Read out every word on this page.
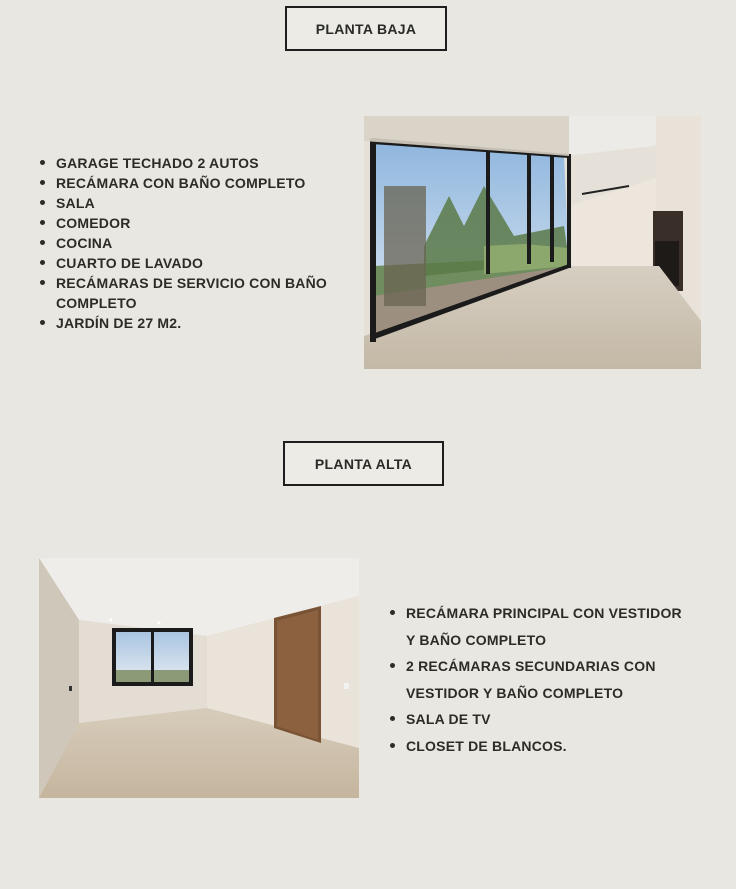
PLANTA BAJA
GARAGE TECHADO 2 AUTOS
RECÁMARA CON BAÑO COMPLETO
SALA
COMEDOR
COCINA
CUARTO DE LAVADO
RECÁMARAS DE SERVICIO CON BAÑO COMPLETO
JARDÍN DE 27 M2.
PLANTA ALTA
RECÁMARA PRINCIPAL CON VESTIDOR Y BAÑO COMPLETO
2 RECÁMARAS SECUNDARIAS CON VESTIDOR Y BAÑO COMPLETO
SALA DE TV
CLOSET DE BLANCOS.
